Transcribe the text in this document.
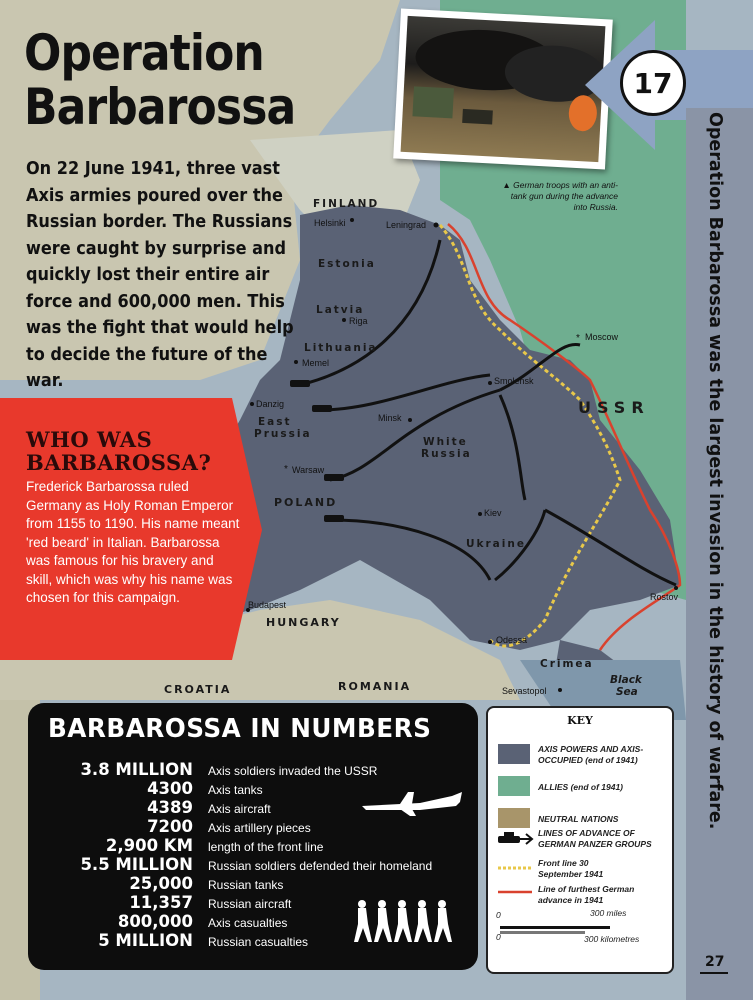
*
*
▲ German troops with an anti-tank gun during the advance into Russia.
Operation
Barbarossa
On 22 June 1941, three vast Axis armies poured over the Russian border. The Russians were caught by surprise and quickly lost their entire air force and 600,000 men. This was the fight that would help to decide the future of the war.
17
Operation Barbarossa was the largest invasion in the history of warfare.
FINLAND
Estonia
Latvia
Lithuania
East
Prussia
POLAND
White
Russia
USSR
Ukraine
HUNGARY
CROATIA	ROMANIA
Crimea
Black
Sea
Helsinki	Leningrad
Riga
Memel
Danzig
Warsaw
Minsk
Smolensk
Moscow
Kiev
Budapest
Odessa
Sevastopol
Rostov
WHO WAS
BARBAROSSA?
Frederick Barbarossa ruled Germany as Holy Roman Emperor from 1155 to 1190. His name meant 'red beard' in Italian. Barbarossa was famous for his bravery and skill, which was why his name was chosen for this campaign.
BARBAROSSA IN NUMBERS
3.8 MILLION Axis soldiers invaded the USSR
4300 Axis tanks
4389 Axis aircraft
7200 Axis artillery pieces
2,900 KM length of the front line
5.5 MILLION Russian soldiers defended their homeland
25,000 Russian tanks
11,357 Russian aircraft
800,000 Axis casualties
5 MILLION Russian casualties
KEY
AXIS POWERS AND AXIS-OCCUPIED (end of 1941)
ALLIES (end of 1941)
NEUTRAL NATIONS
LINES OF ADVANCE OF GERMAN PANZER GROUPS
Front line 30 September 1941
Line of furthest German advance in 1941
0
0
300 miles
300 kilometres
27
